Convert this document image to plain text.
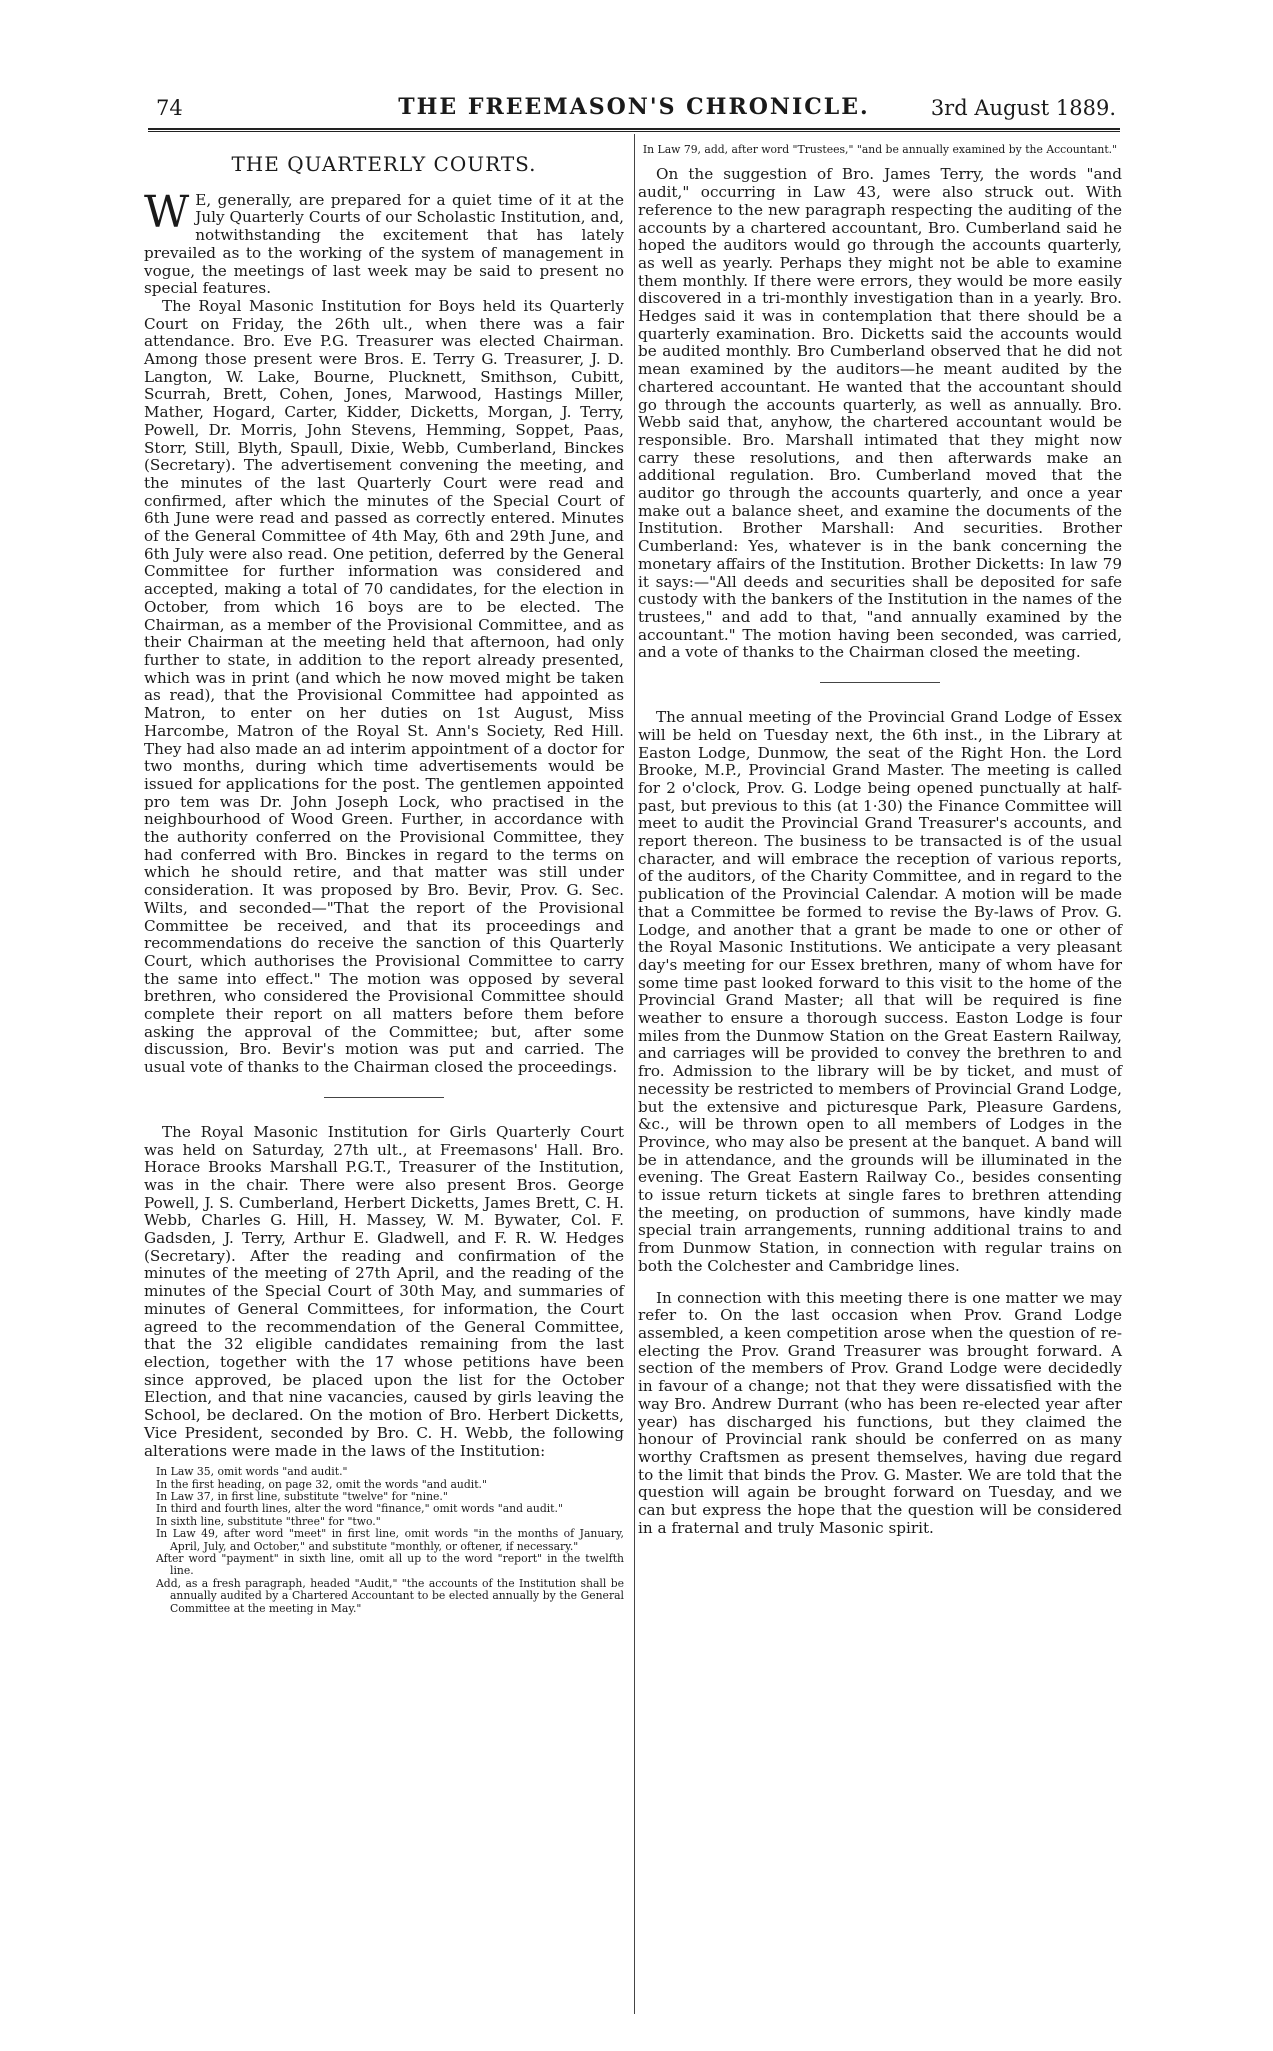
74	THE FREEMASON'S CHRONICLE.	3rd August 1889.
THE QUARTERLY COURTS.

W E, generally, are prepared for a quiet time of it at the July Quarterly Courts of our Scholastic Institution, and, notwithstanding the excitement that has lately prevailed as to the working of the system of management in vogue, the meetings of last week may be said to present no special features.

The Royal Masonic Institution for Boys held its Quarterly Court on Friday, the 26th ult., when there was a fair attendance. Bro. Eve P.G. Treasurer was elected Chairman. Among those present were Bros. E. Terry G. Treasurer, J. D. Langton, W. Lake, Bourne, Plucknett, Smithson, Cubitt, Scurrah, Brett, Cohen, Jones, Marwood, Hastings Miller, Mather, Hogard, Carter, Kidder, Dicketts, Morgan, J. Terry, Powell, Dr. Morris, John Stevens, Hemming, Soppet, Paas, Storr, Still, Blyth, Spaull, Dixie, Webb, Cumberland, Binckes (Secretary). The advertisement convening the meeting, and the minutes of the last Quarterly Court were read and confirmed, after which the minutes of the Special Court of 6th June were read and passed as correctly entered. Minutes of the General Committee of 4th May, 6th and 29th June, and 6th July were also read. One petition, deferred by the General Committee for further information was considered and accepted, making a total of 70 candidates, for the election in October, from which 16 boys are to be elected. The Chairman, as a member of the Provisional Committee, and as their Chairman at the meeting held that afternoon, had only further to state, in addition to the report already presented, which was in print (and which he now moved might be taken as read), that the Provisional Committee had appointed as Matron, to enter on her duties on 1st August, Miss Harcombe, Matron of the Royal St. Ann's Society, Red Hill. They had also made an ad interim appointment of a doctor for two months, during which time advertisements would be issued for applications for the post. The gentlemen appointed pro tem was Dr. John Joseph Lock, who practised in the neighbourhood of Wood Green. Further, in accordance with the authority conferred on the Provisional Committee, they had conferred with Bro. Binckes in regard to the terms on which he should retire, and that matter was still under consideration. It was proposed by Bro. Bevir, Prov. G. Sec. Wilts, and seconded—"That the report of the Provisional Committee be received, and that its proceedings and recommendations do receive the sanction of this Quarterly Court, which authorises the Provisional Committee to carry the same into effect." The motion was opposed by several brethren, who considered the Provisional Committee should complete their report on all matters before them before asking the approval of the Committee; but, after some discussion, Bro. Bevir's motion was put and carried. The usual vote of thanks to the Chairman closed the proceedings.

The Royal Masonic Institution for Girls Quarterly Court was held on Saturday, 27th ult., at Freemasons' Hall. Bro. Horace Brooks Marshall P.G.T., Treasurer of the Institution, was in the chair. There were also present Bros. George Powell, J. S. Cumberland, Herbert Dicketts, James Brett, C. H. Webb, Charles G. Hill, H. Massey, W. M. Bywater, Col. F. Gadsden, J. Terry, Arthur E. Gladwell, and F. R. W. Hedges (Secretary). After the reading and confirmation of the minutes of the meeting of 27th April, and the reading of the minutes of the Special Court of 30th May, and summaries of minutes of General Committees, for information, the Court agreed to the recommendation of the General Committee, that the 32 eligible candidates remaining from the last election, together with the 17 whose petitions have been since approved, be placed upon the list for the October Election, and that nine vacancies, caused by girls leaving the School, be declared. On the motion of Bro. Herbert Dicketts, Vice President, seconded by Bro. C. H. Webb, the following alterations were made in the laws of the Institution:

In Law 35, omit words "and audit."
In the first heading, on page 32, omit the words "and audit."
In Law 37, in first line, substitute "twelve" for "nine."
In third and fourth lines, alter the word "finance," omit words "and audit."
In sixth line, substitute "three" for "two."
In Law 49, after word "meet" in first line, omit words "in the months of January, April, July, and October," and substitute "monthly, or oftener, if necessary."
After word "payment" in sixth line, omit all up to the word "report" in the twelfth line.
Add, as a fresh paragraph, headed "Audit," "the accounts of the Institution shall be annually audited by a Chartered Accountant to be elected annually by the General Committee at the meeting in May."
In Law 79, add, after word "Trustees," "and be annually examined by the Accountant."

On the suggestion of Bro. James Terry, the words "and audit," occurring in Law 43, were also struck out. With reference to the new paragraph respecting the auditing of the accounts by a chartered accountant, Bro. Cumberland said he hoped the auditors would go through the accounts quarterly, as well as yearly. Perhaps they might not be able to examine them monthly. If there were errors, they would be more easily discovered in a tri-monthly investigation than in a yearly. Bro. Hedges said it was in contemplation that there should be a quarterly examination. Bro. Dicketts said the accounts would be audited monthly. Bro Cumberland observed that he did not mean examined by the auditors—he meant audited by the chartered accountant. He wanted that the accountant should go through the accounts quarterly, as well as annually. Bro. Webb said that, anyhow, the chartered accountant would be responsible. Bro. Marshall intimated that they might now carry these resolutions, and then afterwards make an additional regulation. Bro. Cumberland moved that the auditor go through the accounts quarterly, and once a year make out a balance sheet, and examine the documents of the Institution. Brother Marshall: And securities. Brother Cumberland: Yes, whatever is in the bank concerning the monetary affairs of the Institution. Brother Dicketts: In law 79 it says:—"All deeds and securities shall be deposited for safe custody with the bankers of the Institution in the names of the trustees," and add to that, "and annually examined by the accountant." The motion having been seconded, was carried, and a vote of thanks to the Chairman closed the meeting.

The annual meeting of the Provincial Grand Lodge of Essex will be held on Tuesday next, the 6th inst., in the Library at Easton Lodge, Dunmow, the seat of the Right Hon. the Lord Brooke, M.P., Provincial Grand Master. The meeting is called for 2 o'clock, Prov. G. Lodge being opened punctually at half-past, but previous to this (at 1·30) the Finance Committee will meet to audit the Provincial Grand Treasurer's accounts, and report thereon. The business to be transacted is of the usual character, and will embrace the reception of various reports, of the auditors, of the Charity Committee, and in regard to the publication of the Provincial Calendar. A motion will be made that a Committee be formed to revise the By-laws of Prov. G. Lodge, and another that a grant be made to one or other of the Royal Masonic Institutions. We anticipate a very pleasant day's meeting for our Essex brethren, many of whom have for some time past looked forward to this visit to the home of the Provincial Grand Master; all that will be required is fine weather to ensure a thorough success. Easton Lodge is four miles from the Dunmow Station on the Great Eastern Railway, and carriages will be provided to convey the brethren to and fro. Admission to the library will be by ticket, and must of necessity be restricted to members of Provincial Grand Lodge, but the extensive and picturesque Park, Pleasure Gardens, &c., will be thrown open to all members of Lodges in the Province, who may also be present at the banquet. A band will be in attendance, and the grounds will be illuminated in the evening. The Great Eastern Railway Co., besides consenting to issue return tickets at single fares to brethren attending the meeting, on production of summons, have kindly made special train arrangements, running additional trains to and from Dunmow Station, in connection with regular trains on both the Colchester and Cambridge lines.

In connection with this meeting there is one matter we may refer to. On the last occasion when Prov. Grand Lodge assembled, a keen competition arose when the question of re-electing the Prov. Grand Treasurer was brought forward. A section of the members of Prov. Grand Lodge were decidedly in favour of a change; not that they were dissatisfied with the way Bro. Andrew Durrant (who has been re-elected year after year) has discharged his functions, but they claimed the honour of Provincial rank should be conferred on as many worthy Craftsmen as present themselves, having due regard to the limit that binds the Prov. G. Master. We are told that the question will again be brought forward on Tuesday, and we can but express the hope that the question will be considered in a fraternal and truly Masonic spirit.
